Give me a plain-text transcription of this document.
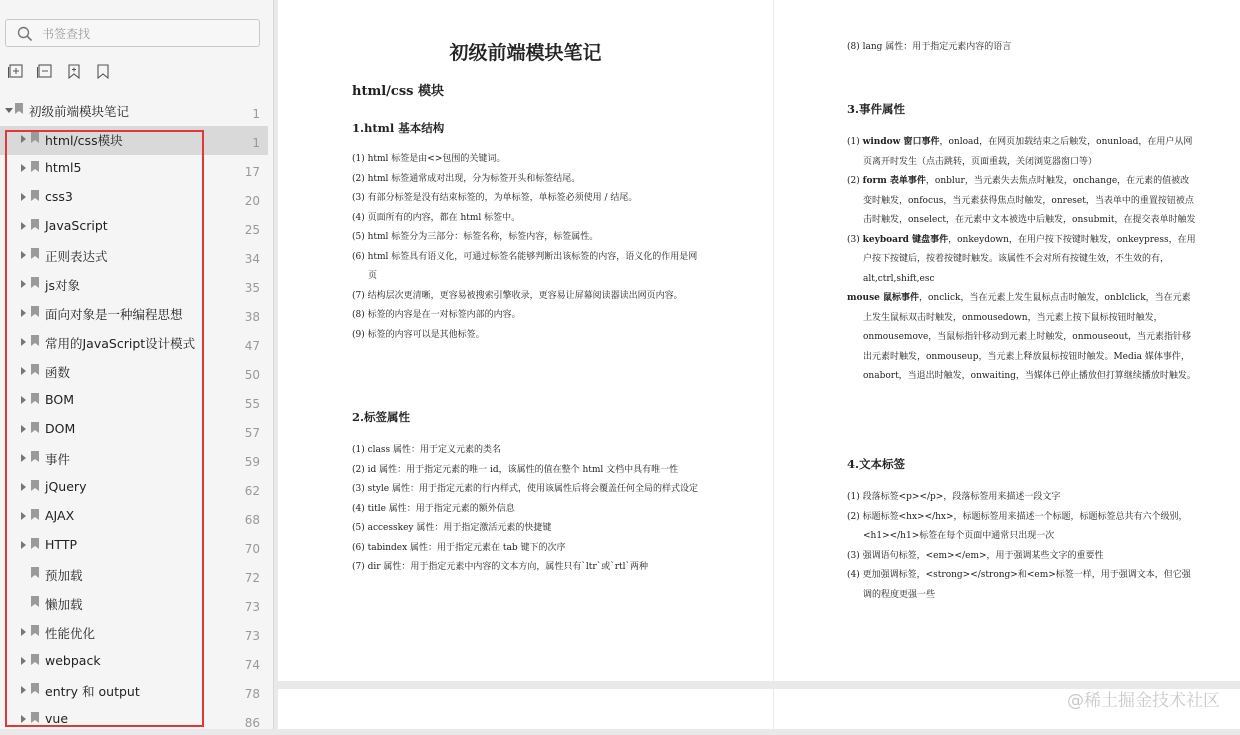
书签查找
初级前端模块笔记	1
html/css模块	1
html5	17
css3	20
JavaScript	25
正则表达式	34
js对象	35
面向对象是一种编程思想	38
常用的JavaScript设计模式	47
函数	50
BOM	55
DOM	57
事件	59
jQuery	62
AJAX	68
HTTP	70
预加载	72
懒加载	73
性能优化	73
webpack	74
entry 和 output	78
vue	86
初级前端模块笔记
html/css 模块
1.html 基本结构

(1) html 标签是由<>包围的关键词。

(2) html 标签通常成对出现，分为标签开头和标签结尾。

(3) 有部分标签是没有结束标签的，为单标签，单标签必须使用 / 结尾。

(4) 页面所有的内容，都在 html 标签中。

(5) html 标签分为三部分：标签名称，标签内容，标签属性。

(6) html 标签具有语义化，可通过标签名能够判断出该标签的内容，语义化的作用是网页

(7) 结构层次更清晰，更容易被搜索引擎收录，更容易让屏幕阅读器读出网页内容。

(8) 标签的内容是在一对标签内部的内容。

(9) 标签的内容可以是其他标签。

2.标签属性

(1) class 属性：用于定义元素的类名

(2) id 属性：用于指定元素的唯一 id，该属性的值在整个 html 文档中具有唯一性

(3) style 属性：用于指定元素的行内样式，使用该属性后将会覆盖任何全局的样式设定

(4) title 属性：用于指定元素的额外信息

(5) accesskey 属性：用于指定激活元素的快捷键

(6) tabindex 属性：用于指定元素在 tab 键下的次序

(7) dir 属性：用于指定元素中内容的文本方向，属性只有`ltr`或`rtl`两种

(8) lang 属性：用于指定元素内容的语言

3.事件属性

(1) window 窗口事件，onload，在网页加载结束之后触发，onunload，在用户从网页离开时发生（点击跳转，页面重载，关闭浏览器窗口等）

(2) form 表单事件，onblur，当元素失去焦点时触发，onchange，在元素的值被改变时触发，onfocus，当元素获得焦点时触发，onreset，当表单中的重置按钮被点击时触发，onselect，在元素中文本被选中后触发，onsubmit，在提交表单时触发

(3) keyboard 键盘事件，onkeydown，在用户按下按键时触发，onkeypress，在用户按下按键后，按着按键时触发。该属性不会对所有按键生效，不生效的有，alt,ctrl,shift,esc

mouse 鼠标事件，onclick，当在元素上发生鼠标点击时触发，onblclick，当在元素上发生鼠标双击时触发，onmousedown，当元素上按下鼠标按钮时触发，onmousemove，当鼠标指针移动到元素上时触发，onmouseout，当元素指针移出元素时触发，onmouseup，当元素上释放鼠标按钮时触发。Media 媒体事件，onabort，当退出时触发，onwaiting，当媒体已停止播放但打算继续播放时触发。

4.文本标签

(1) 段落标签<p></p>，段落标签用来描述一段文字

(2) 标题标签<hx></hx>，标题标签用来描述一个标题，标题标签总共有六个级别，<h1></h1>标签在每个页面中通常只出现一次

(3) 强调语句标签，<em></em>，用于强调某些文字的重要性

(4) 更加强调标签，<strong></strong>和<em>标签一样，用于强调文本，但它强调的程度更强一些

@稀土掘金技术社区
